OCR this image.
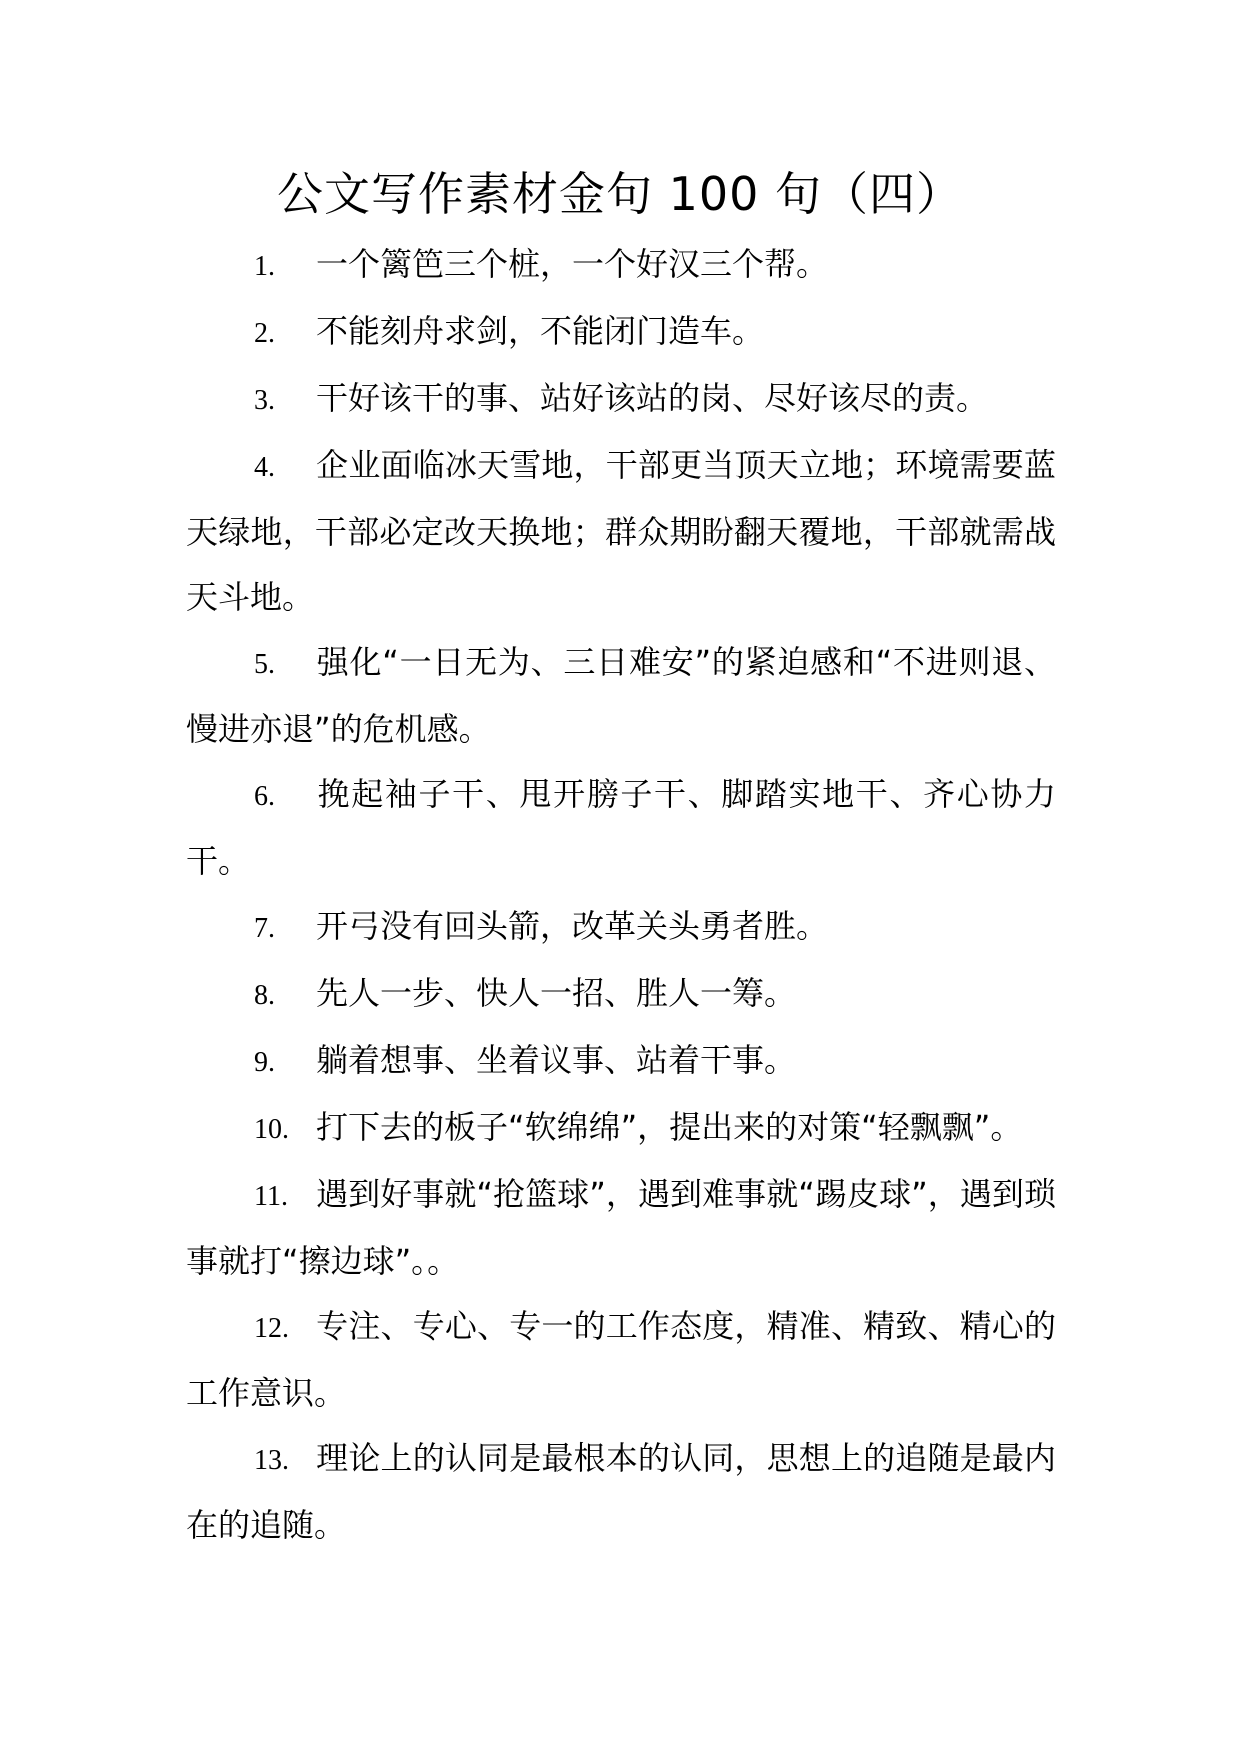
公文写作素材金句 100 句（四）

1. 一个篱笆三个桩，一个好汉三个帮。

2. 不能刻舟求剑，不能闭门造车。

3. 干好该干的事、站好该站的岗、尽好该尽的责。

4. 企业面临冰天雪地，干部更当顶天立地；环境需要蓝天绿地，干部必定改天换地；群众期盼翻天覆地，干部就需战天斗地。

5. 强化“一日无为、三日难安”的紧迫感和“不进则退、慢进亦退”的危机感。

6. 挽起袖子干、甩开膀子干、脚踏实地干、齐心协力干。

7. 开弓没有回头箭，改革关头勇者胜。

8. 先人一步、快人一招、胜人一筹。

9. 躺着想事、坐着议事、站着干事。

10. 打下去的板子“软绵绵”，提出来的对策“轻飘飘”。

11. 遇到好事就“抢篮球”，遇到难事就“踢皮球”，遇到琐事就打“擦边球”。。

12. 专注、专心、专一的工作态度，精准、精致、精心的工作意识。

13. 理论上的认同是最根本的认同，思想上的追随是最内在的追随。
